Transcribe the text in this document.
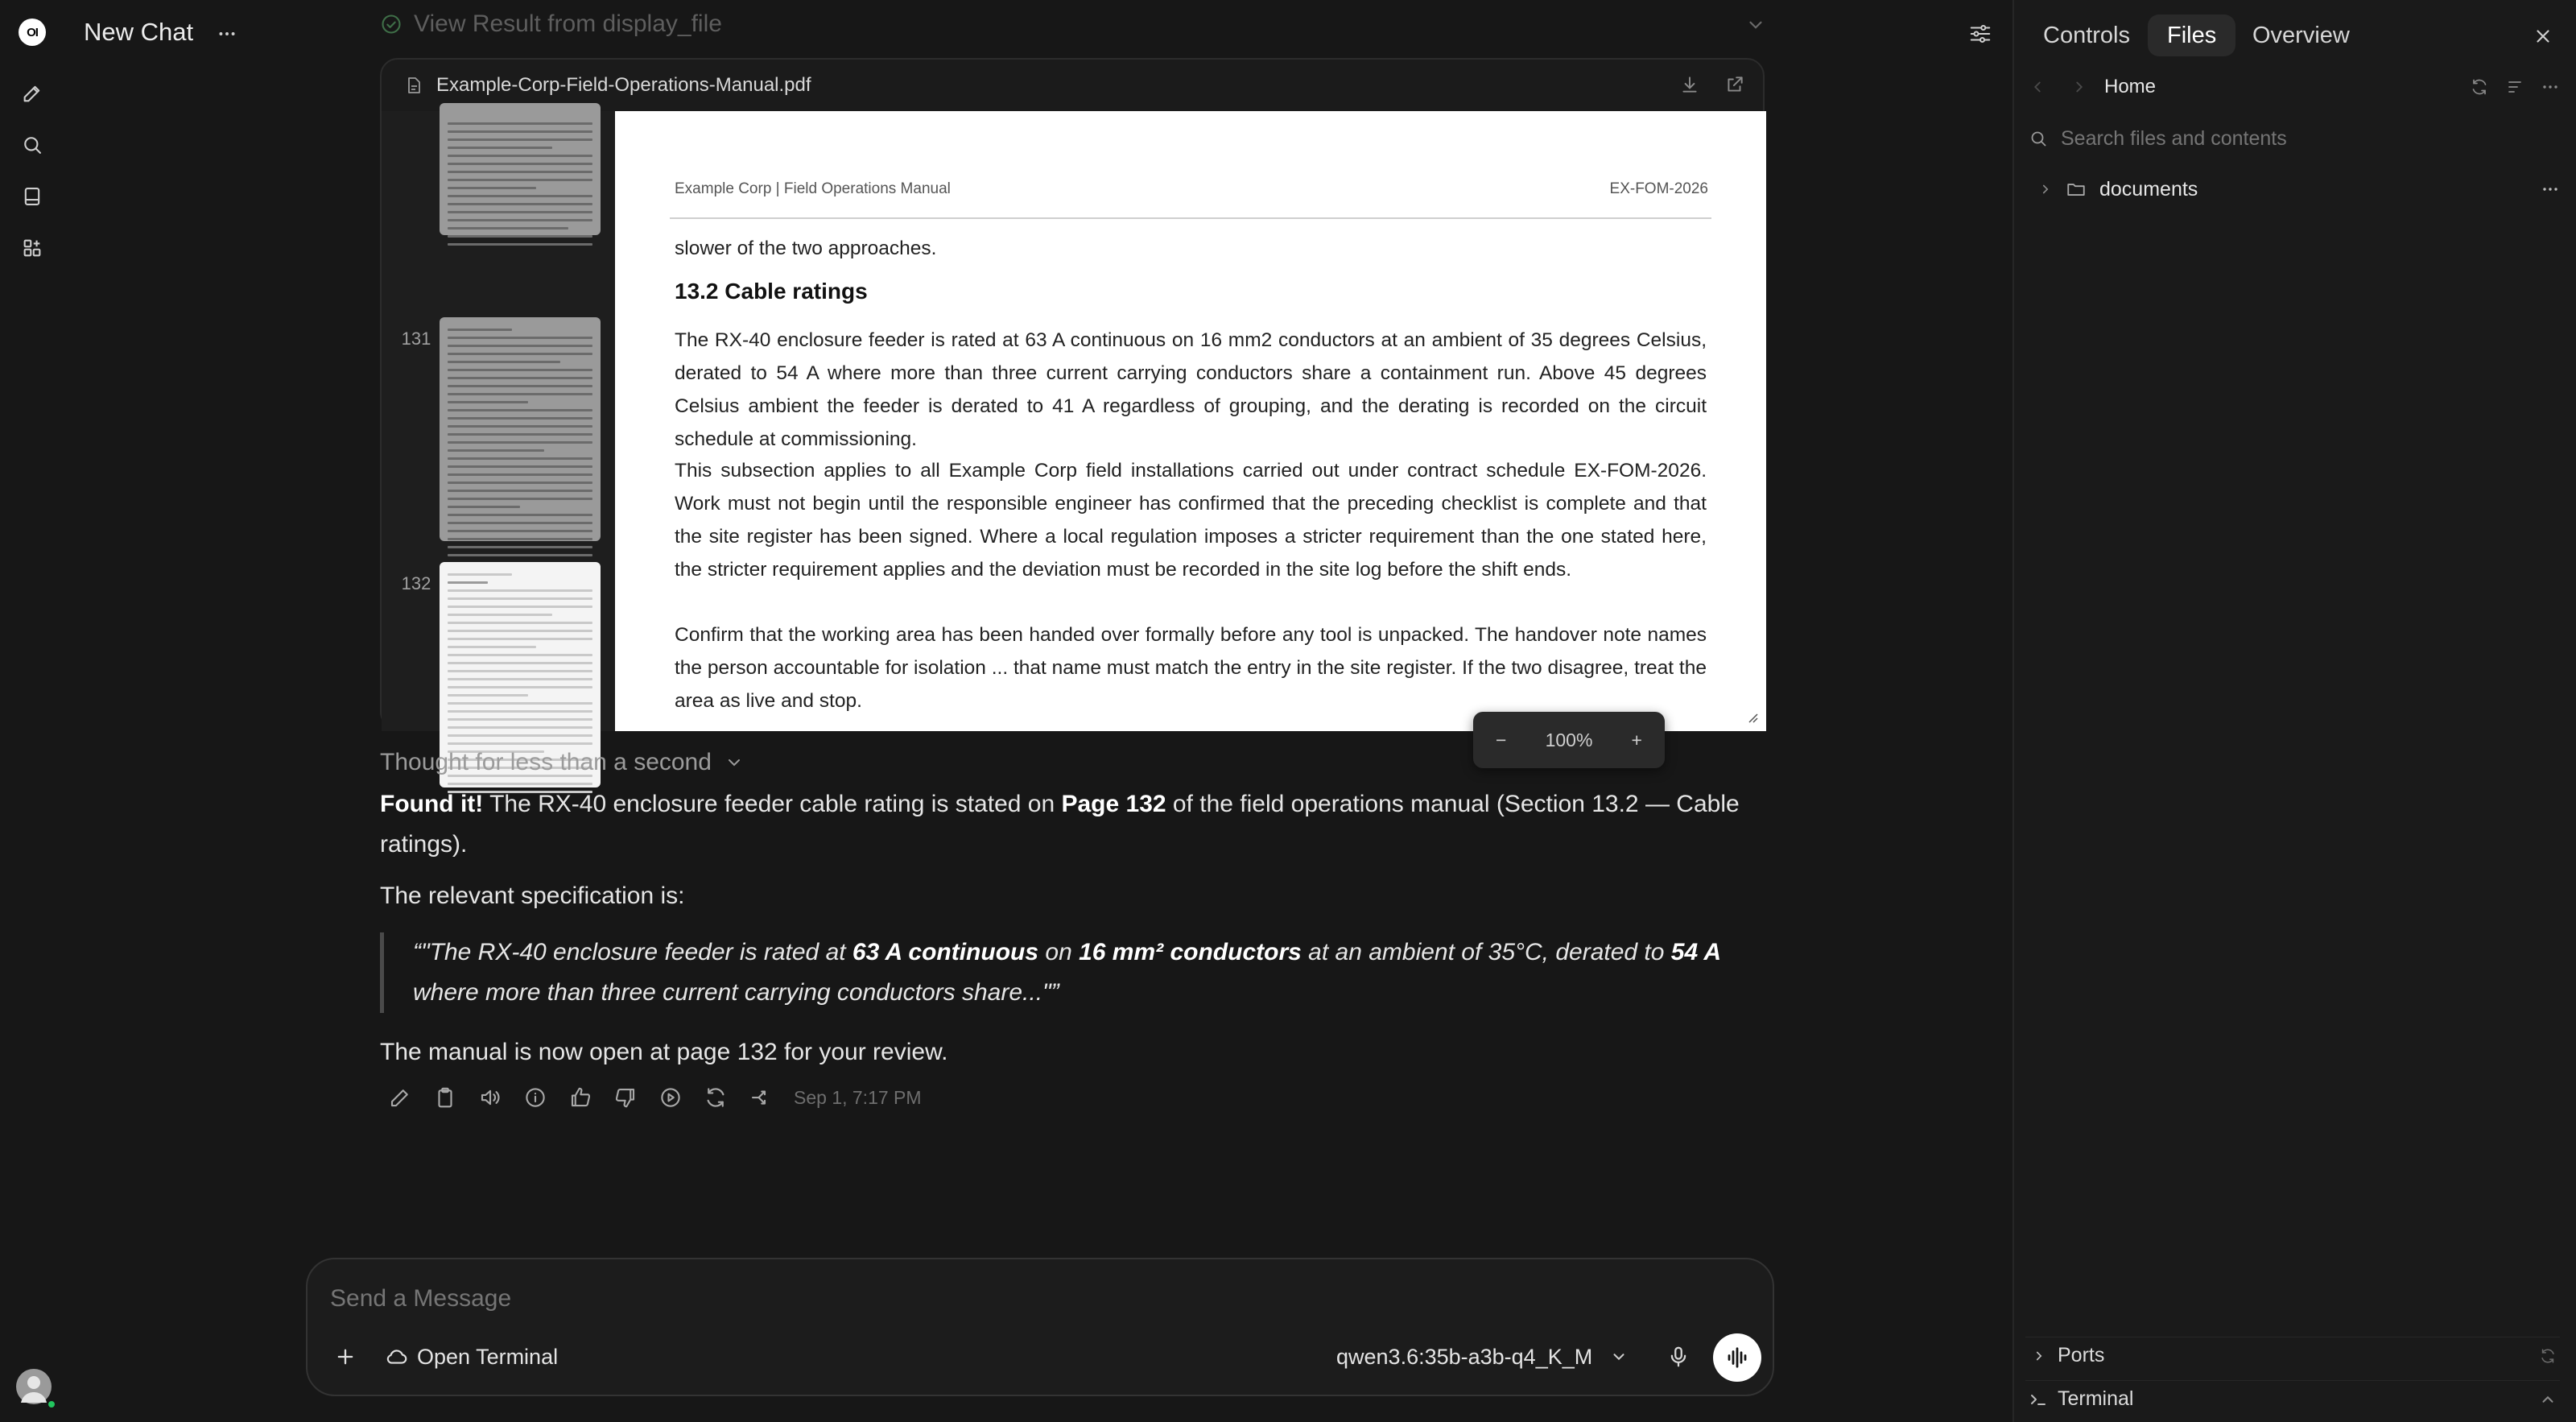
OI	New Chat	View Result from display_file
Example-Corp-Field-Operations-Manual.pdf
131
132
Example Corp | Field Operations Manual	EX-FOM-2026
slower of the two approaches.
13.2 Cable ratings
The RX-40 enclosure feeder is rated at 63 A continuous on 16 mm2 conductors at an ambient of 35 degrees Celsius, derated to 54 A where more than three current carrying conductors share a containment run. Above 45 degrees Celsius ambient the feeder is derated to 41 A regardless of grouping, and the derating is recorded on the circuit schedule at commissioning.
This subsection applies to all Example Corp field installations carried out under contract schedule EX-FOM-2026. Work must not begin until the responsible engineer has confirmed that the preceding checklist is complete and that the site register has been signed. Where a local regulation imposes a stricter requirement than the one stated here, the stricter requirement applies and the deviation must be recorded in the site log before the shift ends.
Confirm that the working area has been handed over formally before any tool is unpacked. The handover note names the person accountable for isolation ... that name must match the entry in the site register. If the two disagree, treat the area as live and stop.
− 100% +
Thought for less than a second
Found it! The RX-40 enclosure feeder cable rating is stated on Page 132 of the field operations manual (Section 13.2 — Cable ratings).
The relevant specification is:
“"The RX-40 enclosure feeder is rated at 63 A continuous on 16 mm² conductors at an ambient of 35°C, derated to 54 A where more than three current carrying conductors share..."”
The manual is now open at page 132 for your review.
Sep 1, 7:17 PM
Send a Message
Open Terminal	qwen3.6:35b-a3b-q4_K_M
Controls	Files	Overview
Home
Search files and contents
documents
Ports
Terminal
